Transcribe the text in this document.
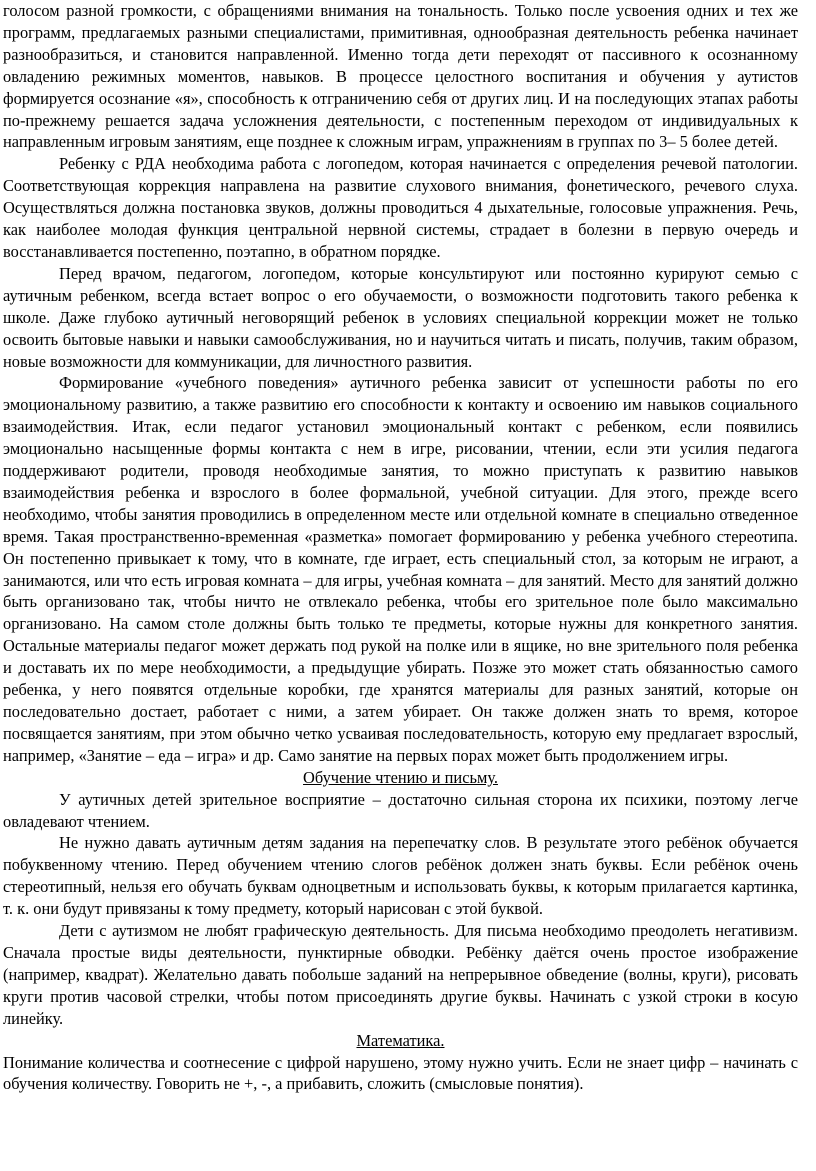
голосом разной громкости, с обращениями внимания на тональность. Только после усвоения одних и тех же программ, предлагаемых разными специалистами, примитивная, однообразная деятельность ребенка начинает разнообразиться, и становится направленной. Именно тогда дети переходят от пассивного к осознанному овладению режимных моментов, навыков. В процессе целостного воспитания и обучения у аутистов формируется осознание «я», способность к отграничению себя от других лиц. И на последующих этапах работы по-прежнему решается задача усложнения деятельности, с постепенным переходом от индивидуальных к направленным игровым занятиям, еще позднее к сложным играм, упражнениям в группах по 3– 5 более детей.

Ребенку с РДА необходима работа с логопедом, которая начинается с определения речевой патологии. Соответствующая коррекция направлена на развитие слухового внимания, фонетического, речевого слуха. Осуществляться должна постановка звуков, должны проводиться 4 дыхательные, голосовые упражнения. Речь, как наиболее молодая функция центральной нервной системы, страдает в болезни в первую очередь и восстанавливается постепенно, поэтапно, в обратном порядке.

Перед врачом, педагогом, логопедом, которые консультируют или постоянно курируют семью с аутичным ребенком, всегда встает вопрос о его обучаемости, о возможности подготовить такого ребенка к школе. Даже глубоко аутичный неговорящий ребенок в условиях специальной коррекции может не только освоить бытовые навыки и навыки самообслуживания, но и научиться читать и писать, получив, таким образом, новые возможности для коммуникации, для личностного развития.

Формирование «учебного поведения» аутичного ребенка зависит от успешности работы по его эмоциональному развитию, а также развитию его способности к контакту и освоению им навыков социального взаимодействия. Итак, если педагог установил эмоциональный контакт с ребенком, если появились эмоционально насыщенные формы контакта с нем в игре, рисовании, чтении, если эти усилия педагога поддерживают родители, проводя необходимые занятия, то можно приступать к развитию навыков взаимодействия ребенка и взрослого в более формальной, учебной ситуации. Для этого, прежде всего необходимо, чтобы занятия проводились в определенном месте или отдельной комнате в специально отведенное время. Такая пространственно-временная «разметка» помогает формированию у ребенка учебного стереотипа. Он постепенно привыкает к тому, что в комнате, где играет, есть специальный стол, за которым не играют, а занимаются, или что есть игровая комната – для игры, учебная комната – для занятий. Место для занятий должно быть организовано так, чтобы ничто не отвлекало ребенка, чтобы его зрительное поле было максимально организовано. На самом столе должны быть только те предметы, которые нужны для конкретного занятия. Остальные материалы педагог может держать под рукой на полке или в ящике, но вне зрительного поля ребенка и доставать их по мере необходимости, а предыдущие убирать. Позже это может стать обязанностью самого ребенка, у него появятся отдельные коробки, где хранятся материалы для разных занятий, которые он последовательно достает, работает с ними, а затем убирает. Он также должен знать то время, которое посвящается занятиям, при этом обычно четко усваивая последовательность, которую ему предлагает взрослый, например, «Занятие – еда – игра» и др. Само занятие на первых порах может быть продолжением игры.

Обучение чтению и письму.

У аутичных детей зрительное восприятие – достаточно сильная сторона их психики, поэтому легче овладевают чтением.

Не нужно давать аутичным детям задания на перепечатку слов. В результате этого ребёнок обучается побуквенному чтению. Перед обучением чтению слогов ребёнок должен знать буквы. Если ребёнок очень стереотипный, нельзя его обучать буквам одноцветным и использовать буквы, к которым прилагается картинка, т. к. они будут привязаны к тому предмету, который нарисован с этой буквой.

Дети с аутизмом не любят графическую деятельность. Для письма необходимо преодолеть негативизм. Сначала простые виды деятельности, пунктирные обводки. Ребёнку даётся очень простое изображение (например, квадрат). Желательно давать побольше заданий на непрерывное обведение (волны, круги), рисовать круги против часовой стрелки, чтобы потом присоединять другие буквы. Начинать с узкой строки в косую линейку.

Математика.

Понимание количества и соотнесение с цифрой нарушено, этому нужно учить. Если не знает цифр – начинать с обучения количеству. Говорить не +, -, а прибавить, сложить (смысловые понятия).
